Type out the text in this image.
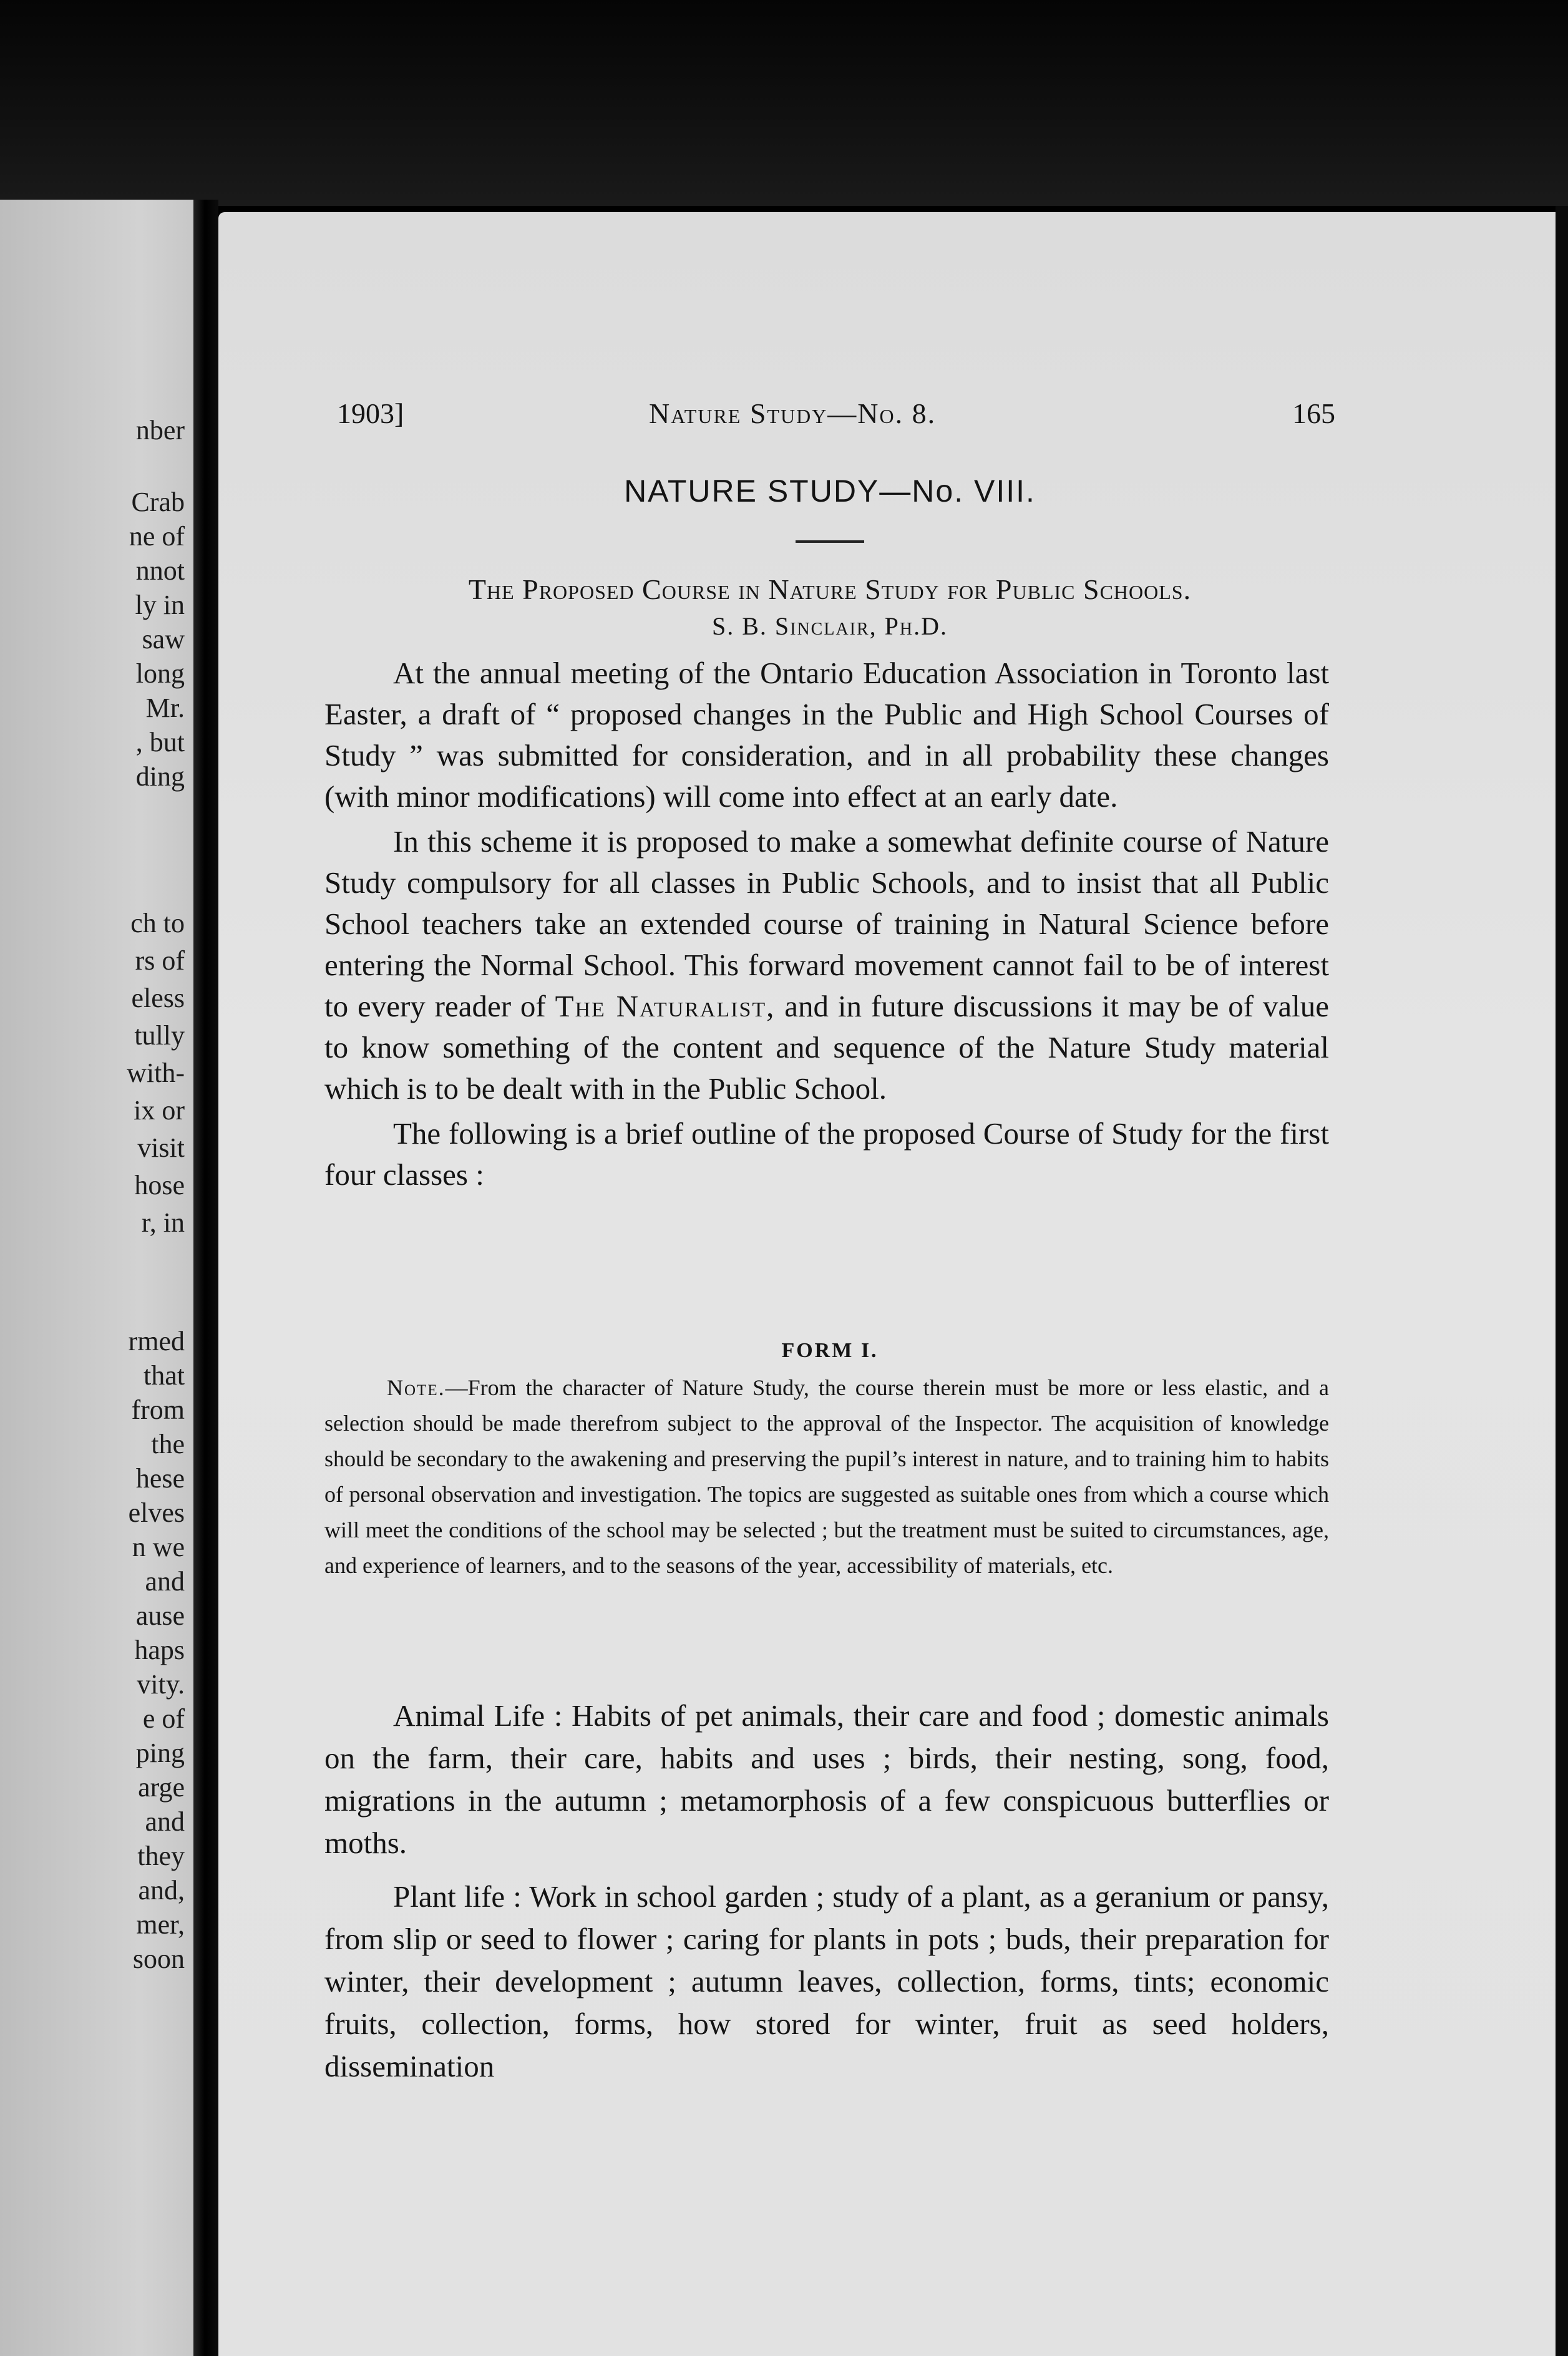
nber
Crab
ne of
nnot
ly in
saw
long
Mr.
, but
ding
ch to
rs of
eless
tully
with-
ix or
visit
hose
r, in
rmed
that
from
the
hese
elves
n we
and
ause
haps
vity.
e of
ping
arge
and
they
and,
mer,
soon
1903]	Nature Study—No. 8.	165
NATURE STUDY—No. VIII.
The Proposed Course in Nature Study for Public Schools.
S. B. Sinclair, Ph.D.

At the annual meeting of the Ontario Education Association in Toronto last Easter, a draft of “ proposed changes in the Public and High School Courses of Study ” was submitted for consideration, and in all probability these changes (with minor modifications) will come into effect at an early date.

In this scheme it is proposed to make a somewhat definite course of Nature Study compulsory for all classes in Public Schools, and to insist that all Public School teachers take an extended course of training in Natural Science before entering the Normal School. This forward movement cannot fail to be of interest to every reader of The Naturalist, and in future discussions it may be of value to know something of the content and sequence of the Nature Study material which is to be dealt with in the Public School.

The following is a brief outline of the proposed Course of Study for the first four classes :

FORM I.

Note.—From the character of Nature Study, the course therein must be more or less elastic, and a selection should be made therefrom subject to the approval of the Inspector. The acquisition of knowledge should be secondary to the awakening and preserving the pupil’s interest in nature, and to training him to habits of personal observation and investigation. The topics are suggested as suitable ones from which a course which will meet the conditions of the school may be selected ; but the treatment must be suited to circumstances, age, and experience of learners, and to the seasons of the year, accessibility of materials, etc.

Animal Life : Habits of pet animals, their care and food ; domestic animals on the farm, their care, habits and uses ; birds, their nesting, song, food, migrations in the autumn ; metamorphosis of a few conspicuous butterflies or moths.

Plant life : Work in school garden ; study of a plant, as a geranium or pansy, from slip or seed to flower ; caring for plants in pots ; buds, their preparation for winter, their development ; autumn leaves, collection, forms, tints; economic fruits, collection, forms, how stored for winter, fruit as seed holders, dissemination
